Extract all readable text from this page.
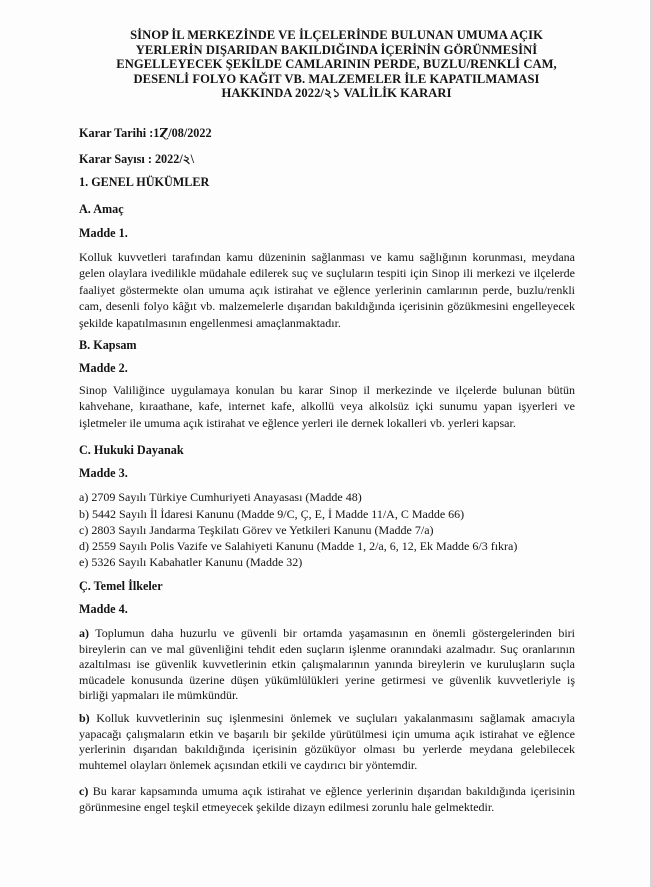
SİNOP İL MERKEZİNDE VE İLÇELERİNDE BULUNAN UMUMA AÇIK
YERLERİN DIŞARIDAN BAKILDIĞINDA İÇERİNİN GÖRÜNMESİNİ
ENGELLEYECEK ŞEKİLDE CAMLARININ PERDE, BUZLU/RENKLİ CAM,
DESENLİ FOLYO KAĞIT VB. MALZEMELER İLE KAPATILMAMASI
HAKKINDA 2022/২১ VALİLİK KARARI
Karar Tarihi :1Ɀ/08/2022
Karar Sayısı : 2022/২\
1. GENEL HÜKÜMLER
A. Amaç
Madde 1.
Kolluk kuvvetleri tarafından kamu düzeninin sağlanması ve kamu sağlığının korunması, meydana gelen olaylara ivedilikle müdahale edilerek suç ve suçluların tespiti için Sinop ili merkezi ve ilçelerde faaliyet göstermekte olan umuma açık istirahat ve eğlence yerlerinin camlarının perde, buzlu/renkli cam, desenli folyo kâğıt vb. malzemelerle dışarıdan bakıldığında içerisinin gözükmesini engelleyecek şekilde kapatılmasının engellenmesi amaçlanmaktadır.
B. Kapsam
Madde 2.
Sinop Valiliğince uygulamaya konulan bu karar Sinop il merkezinde ve ilçelerde bulunan bütün kahvehane, kıraathane, kafe, internet kafe, alkollü veya alkolsüz içki sunumu yapan işyerleri ve işletmeler ile umuma açık istirahat ve eğlence yerleri ile dernek lokalleri vb. yerleri kapsar.
C. Hukuki Dayanak
Madde 3.
a) 2709 Sayılı Türkiye Cumhuriyeti Anayasası (Madde 48)
b) 5442 Sayılı İl İdaresi Kanunu (Madde 9/C, Ç, E, İ Madde 11/A, C Madde 66)
c) 2803 Sayılı Jandarma Teşkilatı Görev ve Yetkileri Kanunu (Madde 7/a)
d) 2559 Sayılı Polis Vazife ve Salahiyeti Kanunu (Madde 1, 2/a, 6, 12, Ek Madde 6/3 fıkra)
e) 5326 Sayılı Kabahatler Kanunu (Madde 32)
Ç. Temel İlkeler
Madde 4.
a) Toplumun daha huzurlu ve güvenli bir ortamda yaşamasının en önemli göstergelerinden biri bireylerin can ve mal güvenliğini tehdit eden suçların işlenme oranındaki azalmadır. Suç oranlarının azaltılması ise güvenlik kuvvetlerinin etkin çalışmalarının yanında bireylerin ve kuruluşların suçla mücadele konusunda üzerine düşen yükümlülükleri yerine getirmesi ve güvenlik kuvvetleriyle iş birliği yapmaları ile mümkündür.
b) Kolluk kuvvetlerinin suç işlenmesini önlemek ve suçluları yakalanmasını sağlamak amacıyla yapacağı çalışmaların etkin ve başarılı bir şekilde yürütülmesi için umuma açık istirahat ve eğlence yerlerinin dışarıdan bakıldığında içerisinin gözüküyor olması bu yerlerde meydana gelebilecek muhtemel olayları önlemek açısından etkili ve caydırıcı bir yöntemdir.
c) Bu karar kapsamında umuma açık istirahat ve eğlence yerlerinin dışarıdan bakıldığında içerisinin görünmesine engel teşkil etmeyecek şekilde dizayn edilmesi zorunlu hale gelmektedir.
